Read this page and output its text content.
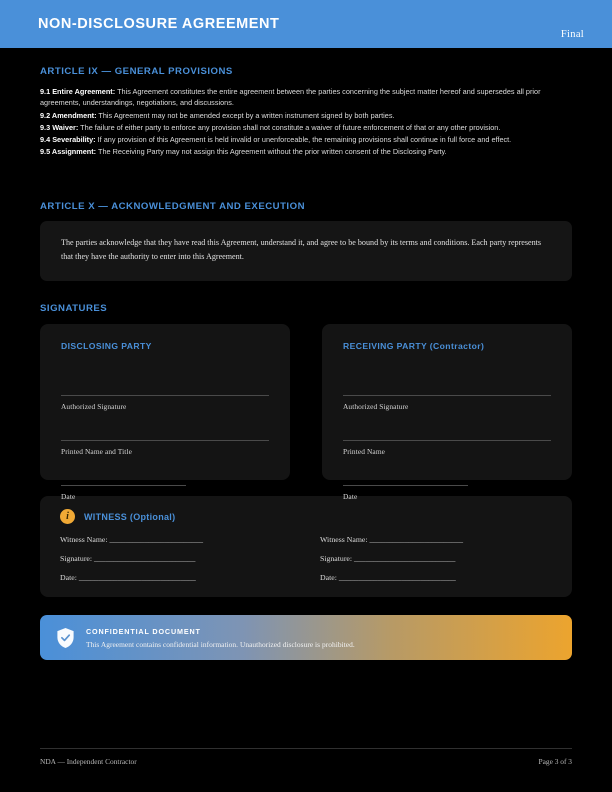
NON-DISCLOSURE AGREEMENT
Final
ARTICLE IX — GENERAL PROVISIONS

9.1 Entire Agreement: This Agreement constitutes the entire agreement between the parties concerning the subject matter hereof and supersedes all prior agreements, understandings, negotiations, and discussions.

9.2 Amendment: This Agreement may not be amended except by a written instrument signed by both parties.

9.3 Waiver: The failure of either party to enforce any provision shall not constitute a waiver of future enforcement of that or any other provision.

9.4 Severability: If any provision of this Agreement is held invalid or unenforceable, the remaining provisions shall continue in full force and effect.

9.5 Assignment: The Receiving Party may not assign this Agreement without the prior written consent of the Disclosing Party.

ARTICLE X — ACKNOWLEDGMENT AND EXECUTION

The parties acknowledge that they have read this Agreement, understand it, and agree to be bound by its terms and conditions. Each party represents that they have the authority to enter into this Agreement.

SIGNATURES
DISCLOSING PARTY
Authorized Signature
Printed Name and Title
Date
RECEIVING PARTY (Contractor)
Authorized Signature
Printed Name
Date
i	WITNESS (Optional)
Witness Name: ________________________
Signature: __________________________
Date: ______________________________
Witness Name: ________________________
Signature: __________________________
Date: ______________________________
CONFIDENTIAL DOCUMENT
This Agreement contains confidential information. Unauthorized disclosure is prohibited.
NDA — Independent Contractor	Page 3 of 3
